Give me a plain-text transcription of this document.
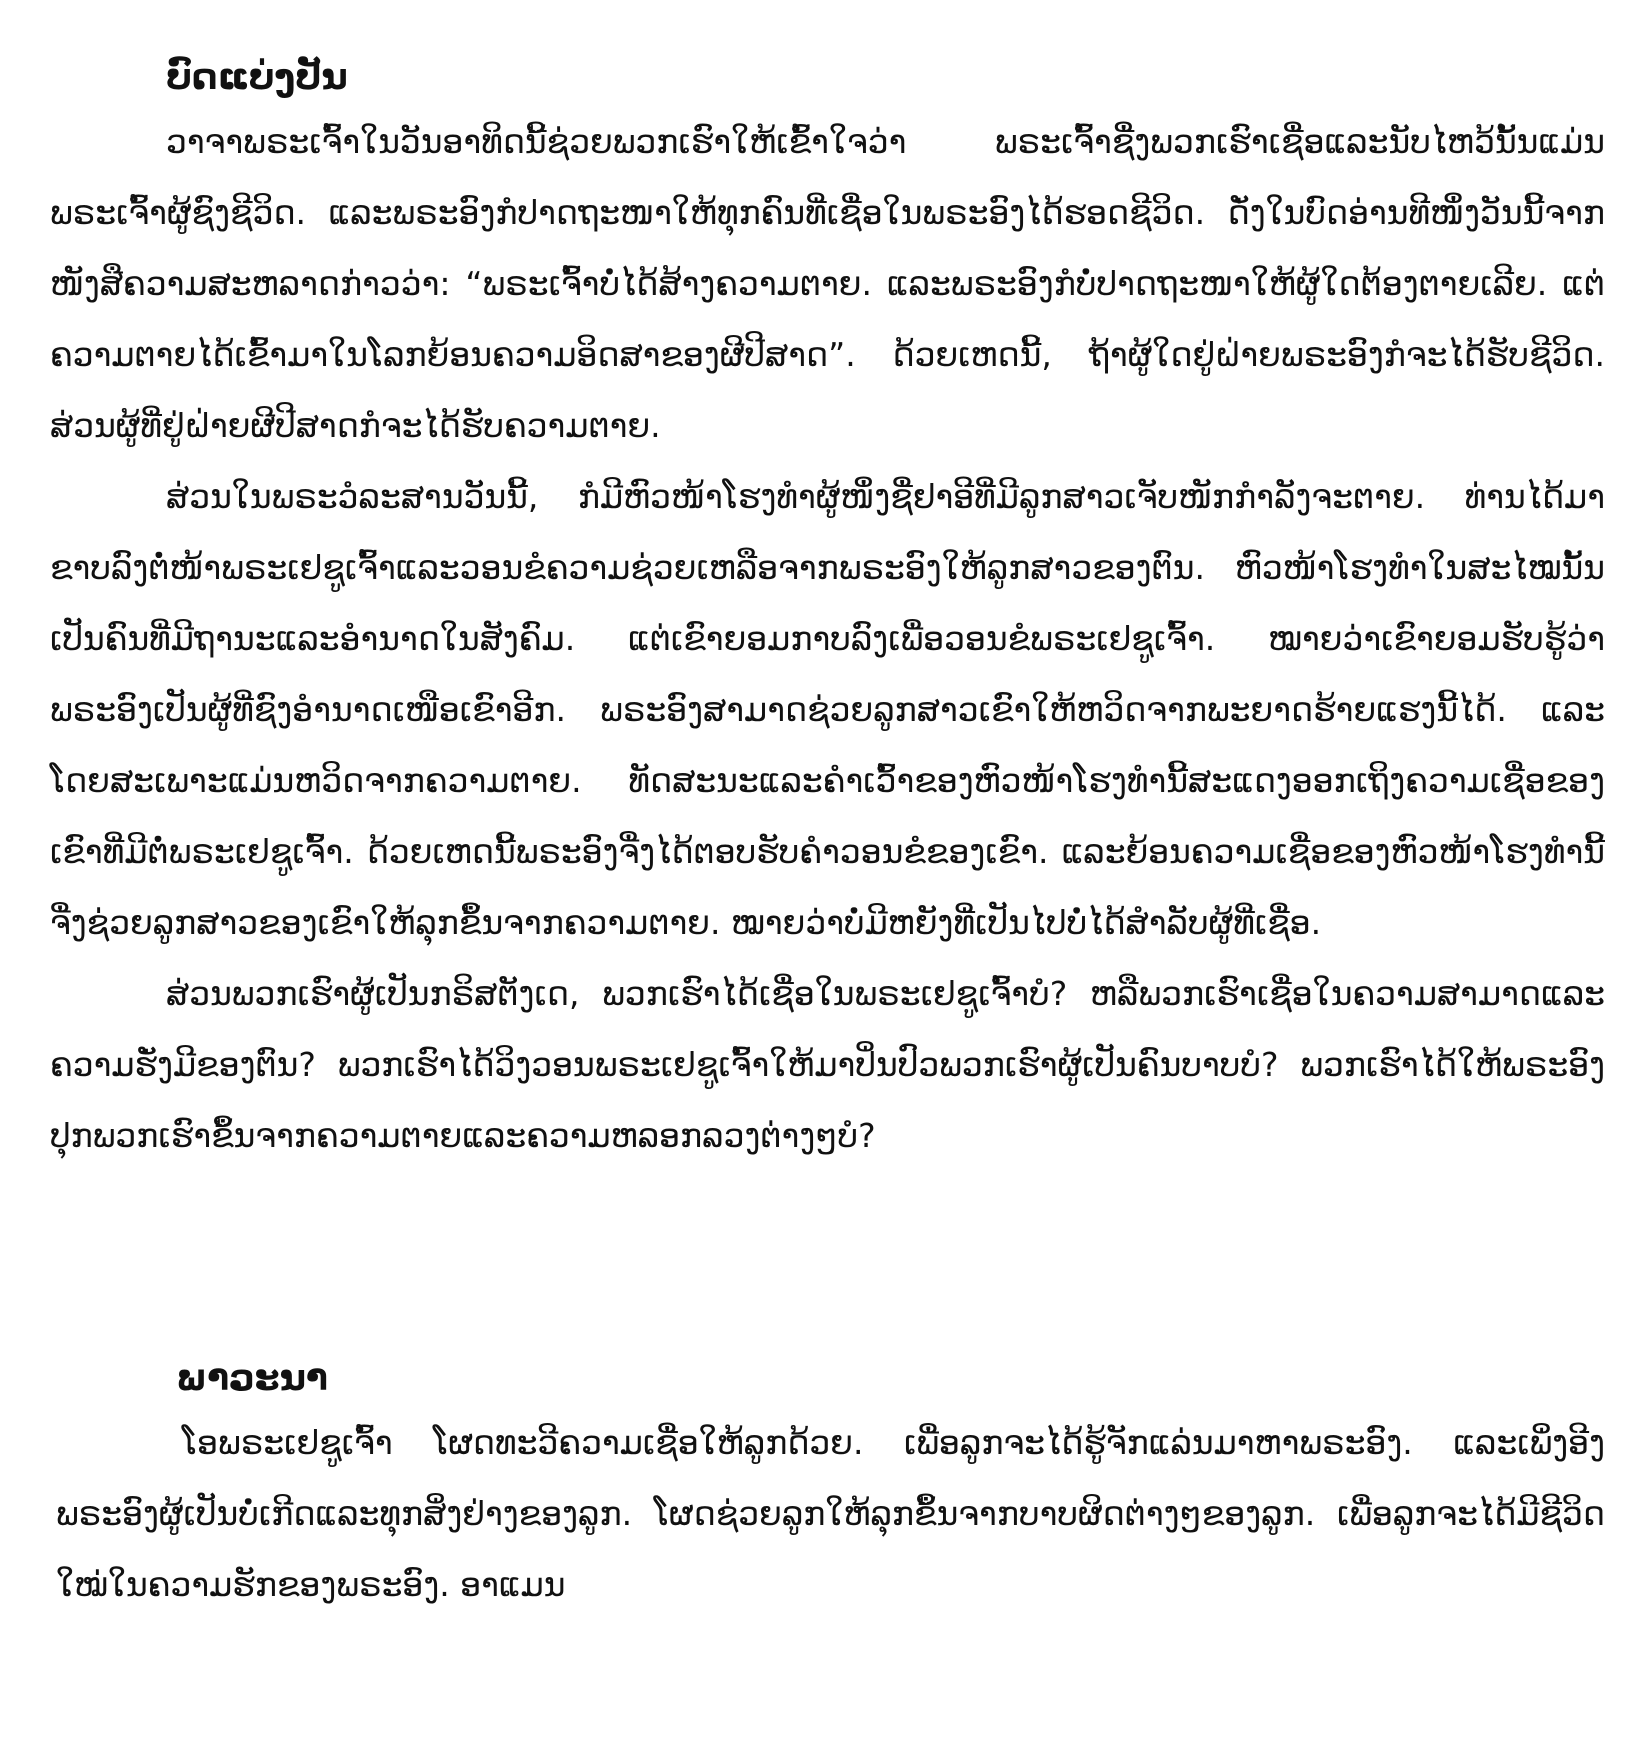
ບົດແບ່ງປັນ

ວາຈາພຣະເຈົ້າໃນວັນອາທິດນີ້ຊ່ວຍພວກເຮົາໃຫ້ເຂົ້າໃຈວ່າ ພຣະເຈົ້າຊື່ງພວກເຮົາເຊື່ອແລະນັບໄຫວ້ນັ້ນແມ່ນພຣະເຈົ້າຜູ້ຊົງຊີວິດ. ແລະພຣະອົງກໍປາດຖະໜາໃຫ້ທຸກຄົນທີ່ເຊື່ອໃນພຣະອົງໄດ້ຮອດຊີວິດ. ດັ່ງໃນບົດອ່ານທີໜຶ່ງວັນນີ້ຈາກໜັງສືຄວາມສະຫລາດກ່າວວ່າ: “ພຣະເຈົ້າບໍ່ໄດ້ສ້າງຄວາມຕາຍ. ແລະພຣະອົງກໍບໍ່ປາດຖະໜາໃຫ້ຜູ້ໃດຕ້ອງຕາຍເລີຍ. ແຕ່ຄວາມຕາຍໄດ້ເຂົ້າມາໃນໂລກຍ້ອນຄວາມອິດສາຂອງຜີປີສາດ”. ດ້ວຍເຫດນີ້, ຖ້າຜູ້ໃດຢູ່ຝ່າຍພຣະອົງກໍຈະໄດ້ຮັບຊີວິດ. ສ່ວນຜູ້ທີ່ຢູ່ຝ່າຍຜີປີສາດກໍຈະໄດ້ຮັບຄວາມຕາຍ.

ສ່ວນໃນພຣະວໍລະສານວັນນີ້, ກໍມີຫົວໜ້າໂຮງທຳຜູ້ໜຶ່ງຊື່ຢາອີທີ່ມີລູກສາວເຈັບໜັກກຳລັງຈະຕາຍ. ທ່ານໄດ້ມາຂາບລົງຕໍ່ໜ້າພຣະເຢຊູເຈົ້າແລະວອນຂໍຄວາມຊ່ວຍເຫລືອຈາກພຣະອົງໃຫ້ລູກສາວຂອງຕົນ. ຫົວໜ້າໂຮງທຳໃນສະໄໝນັ້ນເປັນຄົນທີ່ມີຖານະແລະອຳນາດໃນສັງຄົມ. ແຕ່ເຂົາຍອມກາບລົງເພື່ອວອນຂໍພຣະເຢຊູເຈົ້າ. ໝາຍວ່າເຂົາຍອມຮັບຮູ້ວ່າພຣະອົງເປັນຜູ້ທີ່ຊົງອຳນາດເໜືອເຂົາອີກ. ພຣະອົງສາມາດຊ່ວຍລູກສາວເຂົາໃຫ້ຫວິດຈາກພະຍາດຮ້າຍແຮງນີ້ໄດ້. ແລະໂດຍສະເພາະແມ່ນຫວິດຈາກຄວາມຕາຍ. ທັດສະນະແລະຄຳເວົ້າຂອງຫົວໜ້າໂຮງທຳນີ້ສະແດງອອກເຖິງຄວາມເຊື່ອຂອງເຂົາທີ່ມີຕໍ່ພຣະເຢຊູເຈົ້າ. ດ້ວຍເຫດນີ້ພຣະອົງຈື່ງໄດ້ຕອບຮັບຄຳວອນຂໍຂອງເຂົາ. ແລະຍ້ອນຄວາມເຊື່ອຂອງຫົວໜ້າໂຮງທຳນີ້ຈື່ງຊ່ວຍລູກສາວຂອງເຂົາໃຫ້ລຸກຂຶ້ນຈາກຄວາມຕາຍ. ໝາຍວ່າບໍ່ມີຫຍັງທີ່ເປັນໄປບໍ່ໄດ້ສຳລັບຜູ້ທີ່ເຊື່ອ.

ສ່ວນພວກເຮົາຜູ້ເປັນກຣິສຕັງເດ, ພວກເຮົາໄດ້ເຊື່ອໃນພຣະເຢຊູເຈົ້າບໍ? ຫລືພວກເຮົາເຊື່ອໃນຄວາມສາມາດແລະຄວາມຮັ່ງມີຂອງຕົນ? ພວກເຮົາໄດ້ວິງວອນພຣະເຢຊູເຈົ້າໃຫ້ມາປິ່ນປົວພວກເຮົາຜູ້ເປັນຄົນບາບບໍ? ພວກເຮົາໄດ້ໃຫ້ພຣະອົງປຸກພວກເຮົາຂຶ້ນຈາກຄວາມຕາຍແລະຄວາມຫລອກລວງຕ່າງໆບໍ?

ພາວະນາ

ໂອພຣະເຢຊູເຈົ້າ ໂຜດທະວີຄວາມເຊື່ອໃຫ້ລູກດ້ວຍ. ເພື່ອລູກຈະໄດ້ຮູ້ຈັກແລ່ນມາຫາພຣະອົງ. ແລະເພິ່ງອີງພຣະອົງຜູ້ເປັນບໍ່ເກີດແລະທຸກສິ່ງຢ່າງຂອງລູກ. ໂຜດຊ່ວຍລູກໃຫ້ລຸກຂຶ້ນຈາກບາບຜິດຕ່າງໆຂອງລູກ. ເພື່ອລູກຈະໄດ້ມີຊີວິດໃໝ່ໃນຄວາມຮັກຂອງພຣະອົງ. ອາແມນ
